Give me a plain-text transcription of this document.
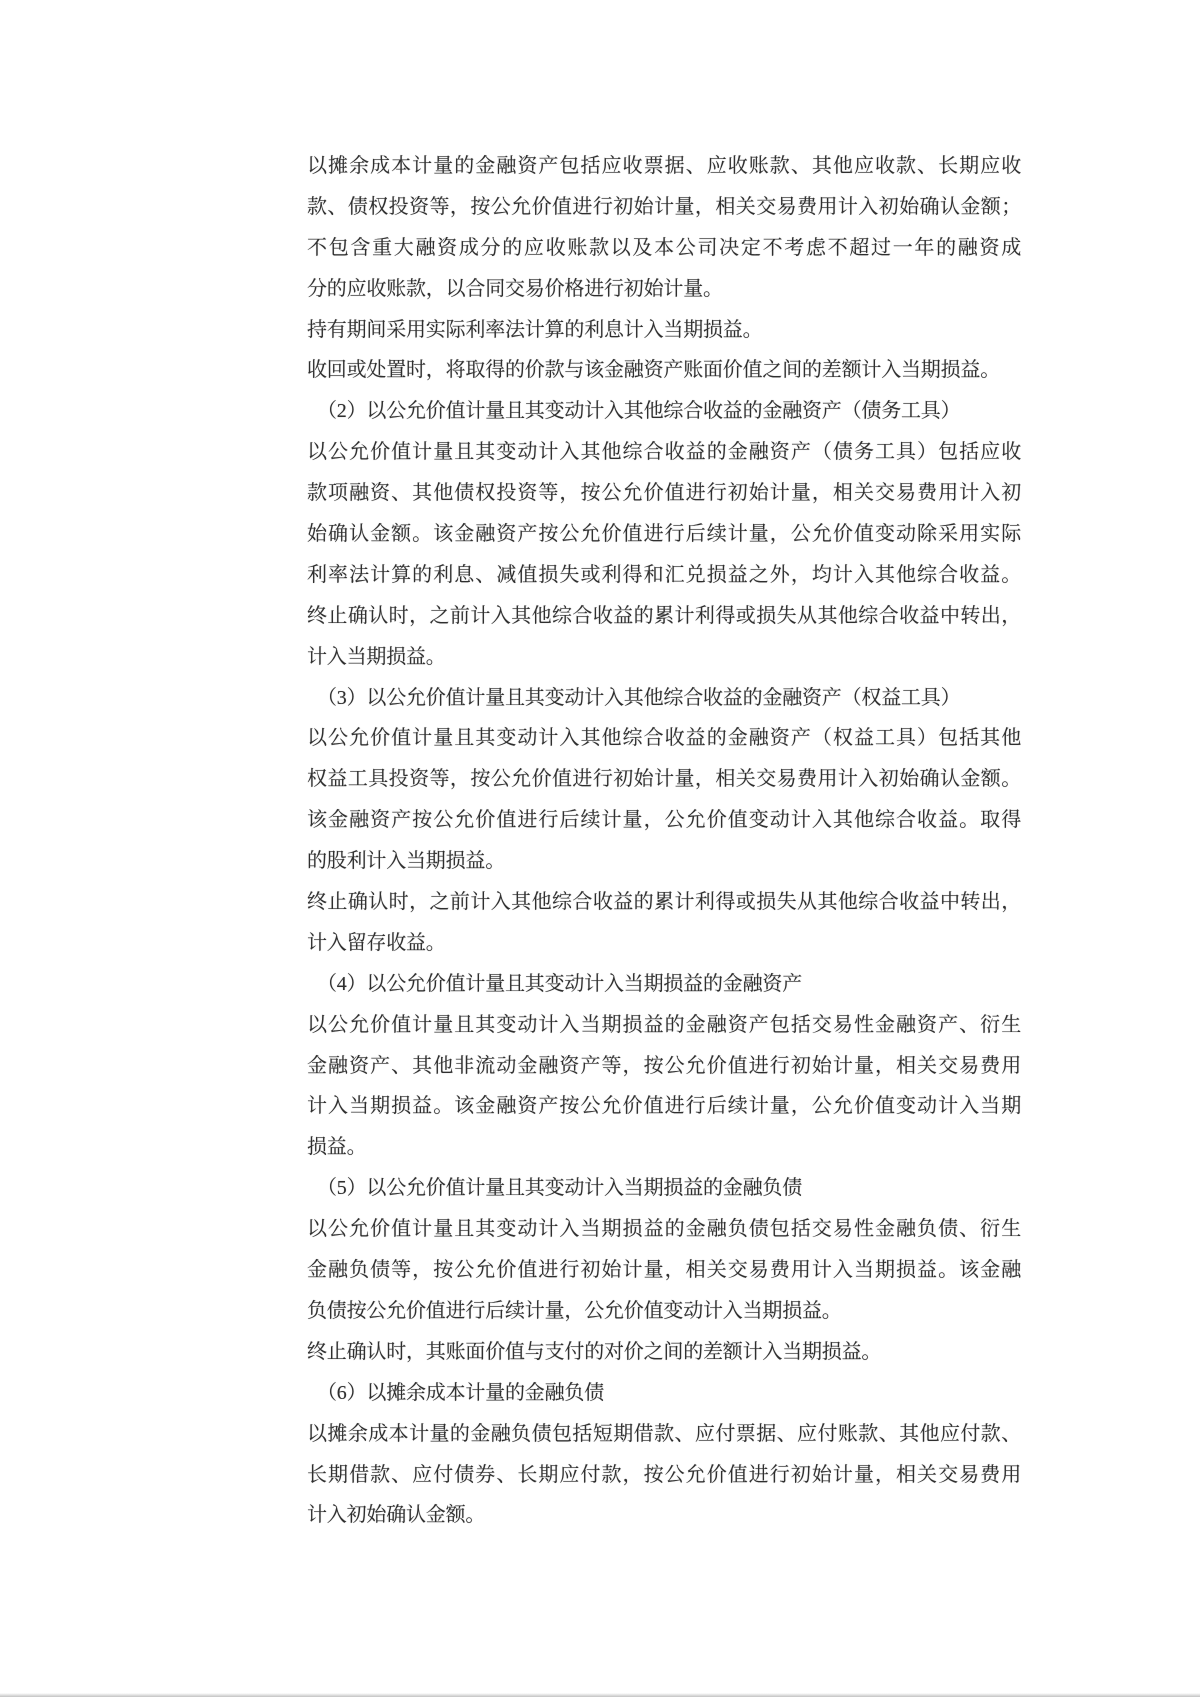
以摊余成本计量的金融资产包括应收票据、应收账款、其他应收款、长期应收
款、债权投资等，按公允价值进行初始计量，相关交易费用计入初始确认金额；
不包含重大融资成分的应收账款以及本公司决定不考虑不超过一年的融资成
分的应收账款，以合同交易价格进行初始计量。
持有期间采用实际利率法计算的利息计入当期损益。
收回或处置时，将取得的价款与该金融资产账面价值之间的差额计入当期损益。
（2）以公允价值计量且其变动计入其他综合收益的金融资产（债务工具）
以公允价值计量且其变动计入其他综合收益的金融资产（债务工具）包括应收
款项融资、其他债权投资等，按公允价值进行初始计量，相关交易费用计入初
始确认金额。该金融资产按公允价值进行后续计量，公允价值变动除采用实际
利率法计算的利息、减值损失或利得和汇兑损益之外，均计入其他综合收益。
终止确认时，之前计入其他综合收益的累计利得或损失从其他综合收益中转出，
计入当期损益。
（3）以公允价值计量且其变动计入其他综合收益的金融资产（权益工具）
以公允价值计量且其变动计入其他综合收益的金融资产（权益工具）包括其他
权益工具投资等，按公允价值进行初始计量，相关交易费用计入初始确认金额。
该金融资产按公允价值进行后续计量，公允价值变动计入其他综合收益。取得
的股利计入当期损益。
终止确认时，之前计入其他综合收益的累计利得或损失从其他综合收益中转出，
计入留存收益。
（4）以公允价值计量且其变动计入当期损益的金融资产
以公允价值计量且其变动计入当期损益的金融资产包括交易性金融资产、衍生
金融资产、其他非流动金融资产等，按公允价值进行初始计量，相关交易费用
计入当期损益。该金融资产按公允价值进行后续计量，公允价值变动计入当期
损益。
（5）以公允价值计量且其变动计入当期损益的金融负债
以公允价值计量且其变动计入当期损益的金融负债包括交易性金融负债、衍生
金融负债等，按公允价值进行初始计量，相关交易费用计入当期损益。该金融
负债按公允价值进行后续计量，公允价值变动计入当期损益。
终止确认时，其账面价值与支付的对价之间的差额计入当期损益。
（6）以摊余成本计量的金融负债
以摊余成本计量的金融负债包括短期借款、应付票据、应付账款、其他应付款、
长期借款、应付债券、长期应付款，按公允价值进行初始计量，相关交易费用
计入初始确认金额。
